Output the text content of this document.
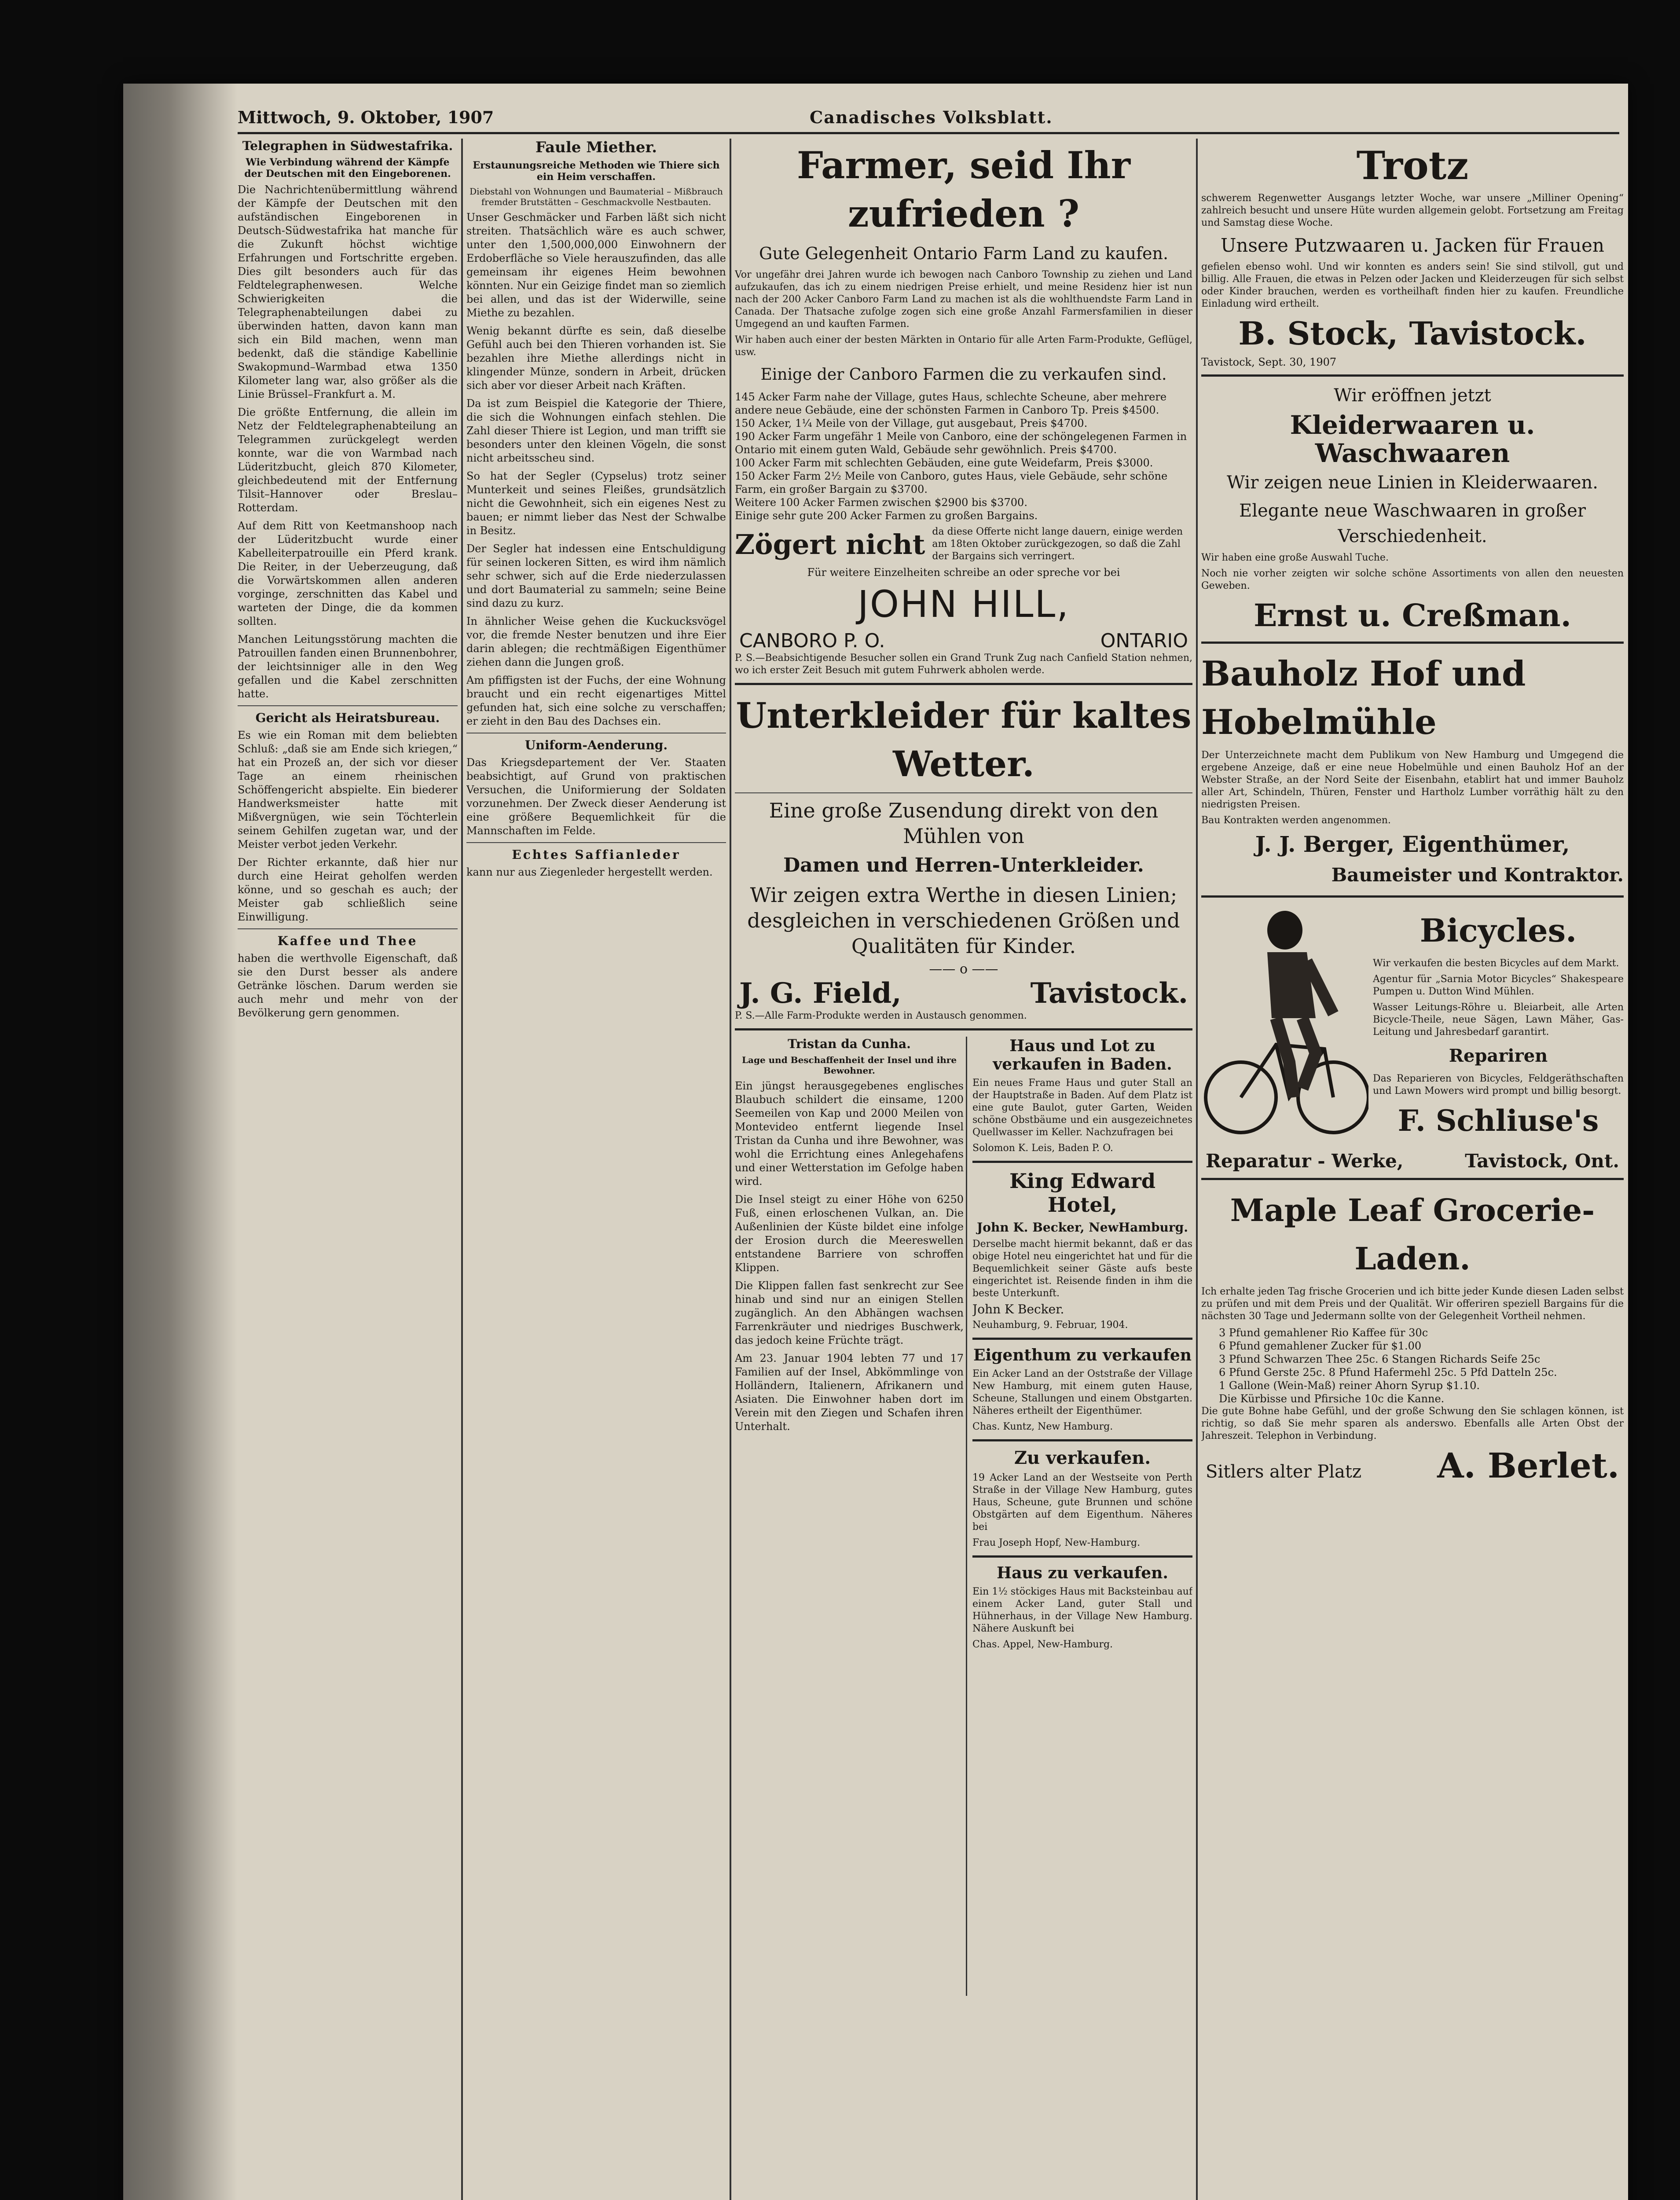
Mittwoch, 9. Oktober, 1907	Canadisches Volksblatt.
Telegraphen in Südwestafrika.
Wie Verbindung während der Kämpfe der Deutschen mit den Eingeborenen.

Die Nachrichtenübermittlung während der Kämpfe der Deutschen mit den aufständischen Eingeborenen in Deutsch-Südwestafrika hat manche für die Zukunft höchst wichtige Erfahrungen und Fortschritte ergeben. Dies gilt besonders auch für das Feldtelegraphenwesen. Welche Schwierigkeiten die Telegraphenabteilungen dabei zu überwinden hatten, davon kann man sich ein Bild machen, wenn man bedenkt, daß die ständige Kabellinie Swakopmund–Warmbad etwa 1350 Kilometer lang war, also größer als die Linie Brüssel–Frankfurt a. M.

Die größte Entfernung, die allein im Netz der Feldtelegraphenabteilung an Telegrammen zurückgelegt werden konnte, war die von Warmbad nach Lüderitzbucht, gleich 870 Kilometer, gleichbedeutend mit der Entfernung Tilsit–Hannover oder Breslau–Rotterdam.

Auf dem Ritt von Keetmanshoop nach der Lüderitzbucht wurde einer Kabelleiterpatrouille ein Pferd krank. Die Reiter, in der Ueberzeugung, daß die Vorwärtskommen allen anderen vorginge, zerschnitten das Kabel und warteten der Dinge, die da kommen sollten.

Manchen Leitungsstörung machten die Patrouillen fanden einen Brunnenbohrer, der leichtsinniger alle in den Weg gefallen und die Kabel zerschnitten hatte.

Gericht als Heiratsbureau.

Es wie ein Roman mit dem beliebten Schluß: „daß sie am Ende sich kriegen,“ hat ein Prozeß an, der sich vor dieser Tage an einem rheinischen Schöffengericht abspielte. Ein biederer Handwerksmeister hatte mit Mißvergnügen, wie sein Töchterlein seinem Gehilfen zugetan war, und der Meister verbot jeden Verkehr.

Der Richter erkannte, daß hier nur durch eine Heirat geholfen werden könne, und so geschah es auch; der Meister gab schließlich seine Einwilligung.

Kaffee und Thee

haben die werthvolle Eigenschaft, daß sie den Durst besser als andere Getränke löschen. Darum werden sie auch mehr und mehr von der Bevölkerung gern genommen.

Faule Miether.
Erstaunungsreiche Methoden wie Thiere sich ein Heim verschaffen.
Diebstahl von Wohnungen und Baumaterial – Mißbrauch fremder Brutstätten – Geschmackvolle Nestbauten.

Unser Geschmäcker und Farben läßt sich nicht streiten. Thatsächlich wäre es auch schwer, unter den 1,500,000,000 Einwohnern der Erdoberfläche so Viele herauszufinden, das alle gemeinsam ihr eigenes Heim bewohnen könnten. Nur ein Geizige findet man so ziemlich bei allen, und das ist der Widerwille, seine Miethe zu bezahlen.

Wenig bekannt dürfte es sein, daß dieselbe Gefühl auch bei den Thieren vorhanden ist. Sie bezahlen ihre Miethe allerdings nicht in klingender Münze, sondern in Arbeit, drücken sich aber vor dieser Arbeit nach Kräften.

Da ist zum Beispiel die Kategorie der Thiere, die sich die Wohnungen einfach stehlen. Die Zahl dieser Thiere ist Legion, und man trifft sie besonders unter den kleinen Vögeln, die sonst nicht arbeitsscheu sind.

So hat der Segler (Cypselus) trotz seiner Munterkeit und seines Fleißes, grundsätzlich nicht die Gewohnheit, sich ein eigenes Nest zu bauen; er nimmt lieber das Nest der Schwalbe in Besitz.

Der Segler hat indessen eine Entschuldigung für seinen lockeren Sitten, es wird ihm nämlich sehr schwer, sich auf die Erde niederzulassen und dort Baumaterial zu sammeln; seine Beine sind dazu zu kurz.

In ähnlicher Weise gehen die Kuckucksvögel vor, die fremde Nester benutzen und ihre Eier darin ablegen; die rechtmäßigen Eigenthümer ziehen dann die Jungen groß.

Am pfiffigsten ist der Fuchs, der eine Wohnung braucht und ein recht eigenartiges Mittel gefunden hat, sich eine solche zu verschaffen; er zieht in den Bau des Dachses ein.

Uniform-Aenderung.

Das Kriegsdepartement der Ver. Staaten beabsichtigt, auf Grund von praktischen Versuchen, die Uniformierung der Soldaten vorzunehmen. Der Zweck dieser Aenderung ist eine größere Bequemlichkeit für die Mannschaften im Felde.

Echtes Saffianleder

kann nur aus Ziegenleder hergestellt werden.

Farmer, seid Ihr zufrieden ?
Gute Gelegenheit Ontario Farm Land zu kaufen.

Vor ungefähr drei Jahren wurde ich bewogen nach Canboro Township zu ziehen und Land aufzukaufen, das ich zu einem niedrigen Preise erhielt, und meine Residenz hier ist nun nach der 200 Acker Canboro Farm Land zu machen ist als die wohlthuendste Farm Land in Canada. Der Thatsache zufolge zogen sich eine große Anzahl Farmersfamilien in dieser Umgegend an und kauften Farmen.

Wir haben auch einer der besten Märkten in Ontario für alle Arten Farm-Produkte, Geflügel, usw.

Einige der Canboro Farmen die zu verkaufen sind.

145 Acker Farm nahe der Village, gutes Haus, schlechte Scheune, aber mehrere andere neue Gebäude, eine der schönsten Farmen in Canboro Tp. Preis $4500.

150 Acker, 1¼ Meile von der Village, gut ausgebaut, Preis $4700.

190 Acker Farm ungefähr 1 Meile von Canboro, eine der schöngelegenen Farmen in Ontario mit einem guten Wald, Gebäude sehr gewöhnlich. Preis $4700.

100 Acker Farm mit schlechten Gebäuden, eine gute Weidefarm, Preis $3000.

150 Acker Farm 2½ Meile von Canboro, gutes Haus, viele Gebäude, sehr schöne Farm, ein großer Bargain zu $3700.

Weitere 100 Acker Farmen zwischen $2900 bis $3700.

Einige sehr gute 200 Acker Farmen zu großen Bargains.

Zögert nicht da diese Offerte nicht lange dauern, einige werden am 18ten Oktober zurückgezogen, so daß die Zahl der Bargains sich verringert.
Für weitere Einzelheiten schreibe an oder spreche vor bei
JOHN HILL,
CANBORO P. O.	ONTARIO

P. S.—Beabsichtigende Besucher sollen ein Grand Trunk Zug nach Canfield Station nehmen, wo ich erster Zeit Besuch mit gutem Fuhrwerk abholen werde.

Unterkleider für kaltes Wetter.
Eine große Zusendung direkt von den Mühlen von
Damen und Herren-Unterkleider.
Wir zeigen extra Werthe in diesen Linien; desgleichen in verschiedenen Größen und Qualitäten für Kinder.
—— o ——
J. G. Field,	Tavistock.

P. S.—Alle Farm-Produkte werden in Austausch genommen.

Tristan da Cunha.
Lage und Beschaffenheit der Insel und ihre Bewohner.

Ein jüngst herausgegebenes englisches Blaubuch schildert die einsame, 1200 Seemeilen von Kap und 2000 Meilen von Montevideo entfernt liegende Insel Tristan da Cunha und ihre Bewohner, was wohl die Errichtung eines Anlegehafens und einer Wetterstation im Gefolge haben wird.

Die Insel steigt zu einer Höhe von 6250 Fuß, einen erloschenen Vulkan, an. Die Außenlinien der Küste bildet eine infolge der Erosion durch die Meereswellen entstandene Barriere von schroffen Klippen.

Die Klippen fallen fast senkrecht zur See hinab und sind nur an einigen Stellen zugänglich. An den Abhängen wachsen Farrenkräuter und niedriges Buschwerk, das jedoch keine Früchte trägt.

Am 23. Januar 1904 lebten 77 und 17 Familien auf der Insel, Abkömmlinge von Holländern, Italienern, Afrikanern und Asiaten. Die Einwohner haben dort im Verein mit den Ziegen und Schafen ihren Unterhalt.

Haus und Lot zu verkaufen in Baden.

Ein neues Frame Haus und guter Stall an der Hauptstraße in Baden. Auf dem Platz ist eine gute Baulot, guter Garten, Weiden schöne Obstbäume und ein ausgezeichnetes Quellwasser im Keller. Nachzufragen bei

Solomon K. Leis, Baden P. O.

King Edward Hotel,
John K. Becker, NewHamburg.

Derselbe macht hiermit bekannt, daß er das obige Hotel neu eingerichtet hat und für die Bequemlichkeit seiner Gäste aufs beste eingerichtet ist. Reisende finden in ihm die beste Unterkunft.

John K Becker.

Neuhamburg, 9. Februar, 1904.

Eigenthum zu verkaufen

Ein Acker Land an der Oststraße der Village New Hamburg, mit einem guten Hause, Scheune, Stallungen und einem Obstgarten. Näheres ertheilt der Eigenthümer.

Chas. Kuntz, New Hamburg.

Zu verkaufen.

19 Acker Land an der Westseite von Perth Straße in der Village New Hamburg, gutes Haus, Scheune, gute Brunnen und schöne Obstgärten auf dem Eigenthum. Näheres bei

Frau Joseph Hopf, New-Hamburg.

Haus zu verkaufen.

Ein 1½ stöckiges Haus mit Backsteinbau auf einem Acker Land, guter Stall und Hühnerhaus, in der Village New Hamburg. Nähere Auskunft bei

Chas. Appel, New-Hamburg.

Trotz

schwerem Regenwetter Ausgangs letzter Woche, war unsere „Milliner Opening“ zahlreich besucht und unsere Hüte wurden allgemein gelobt. Fortsetzung am Freitag und Samstag diese Woche.

Unsere Putzwaaren u. Jacken für Frauen

gefielen ebenso wohl. Und wir konnten es anders sein! Sie sind stilvoll, gut und billig. Alle Frauen, die etwas in Pelzen oder Jacken und Kleiderzeugen für sich selbst oder Kinder brauchen, werden es vortheilhaft finden hier zu kaufen. Freundliche Einladung wird ertheilt.

B. Stock, Tavistock.

Tavistock, Sept. 30, 1907

Wir eröffnen jetzt
Kleiderwaaren u. Waschwaaren
Wir zeigen neue Linien in Kleiderwaaren.
Elegante neue Waschwaaren in großer Verschiedenheit.

Wir haben eine große Auswahl Tuche.

Noch nie vorher zeigten wir solche schöne Assortiments von allen den neuesten Geweben.

Ernst u. Creßman.
Bauholz Hof und Hobelmühle

Der Unterzeichnete macht dem Publikum von New Hamburg und Umgegend die ergebene Anzeige, daß er eine neue Hobelmühle und einen Bauholz Hof an der Webster Straße, an der Nord Seite der Eisenbahn, etablirt hat und immer Bauholz aller Art, Schindeln, Thüren, Fenster und Hartholz Lumber vorräthig hält zu den niedrigsten Preisen.

Bau Kontrakten werden angenommen.

J. J. Berger, Eigenthümer,
Baumeister und Kontraktor.
Bicycles.

Wir verkaufen die besten Bicycles auf dem Markt.

Agentur für „Sarnia Motor Bicycles“ Shakespeare Pumpen u. Dutton Wind Mühlen.

Wasser Leitungs-Röhre u. Bleiarbeit, alle Arten Bicycle-Theile, neue Sägen, Lawn Mäher, Gas-Leitung und Jahresbedarf garantirt.

Repariren

Das Reparieren von Bicycles, Feldgeräthschaften und Lawn Mowers wird prompt und billig besorgt.

F. Schliuse's
Reparatur - Werke,	Tavistock, Ont.
Maple Leaf Grocerie-Laden.

Ich erhalte jeden Tag frische Grocerien und ich bitte jeder Kunde diesen Laden selbst zu prüfen und mit dem Preis und der Qualität. Wir offeriren speziell Bargains für die nächsten 30 Tage und Jedermann sollte von der Gelegenheit Vortheil nehmen.

3 Pfund gemahlener Rio Kaffee für 30c

6 Pfund gemahlener Zucker für $1.00

3 Pfund Schwarzen Thee 25c. 6 Stangen Richards Seife 25c

6 Pfund Gerste 25c. 8 Pfund Hafermehl 25c. 5 Pfd Datteln 25c.

1 Gallone (Wein-Maß) reiner Ahorn Syrup $1.10.

Die Kürbisse und Pfirsiche 10c die Kanne.

Die gute Bohne habe Gefühl, und der große Schwung den Sie schlagen können, ist richtig, so daß Sie mehr sparen als anderswo. Ebenfalls alle Arten Obst der Jahreszeit. Telephon in Verbindung.

Sitlers alter Platz A. Berlet.
